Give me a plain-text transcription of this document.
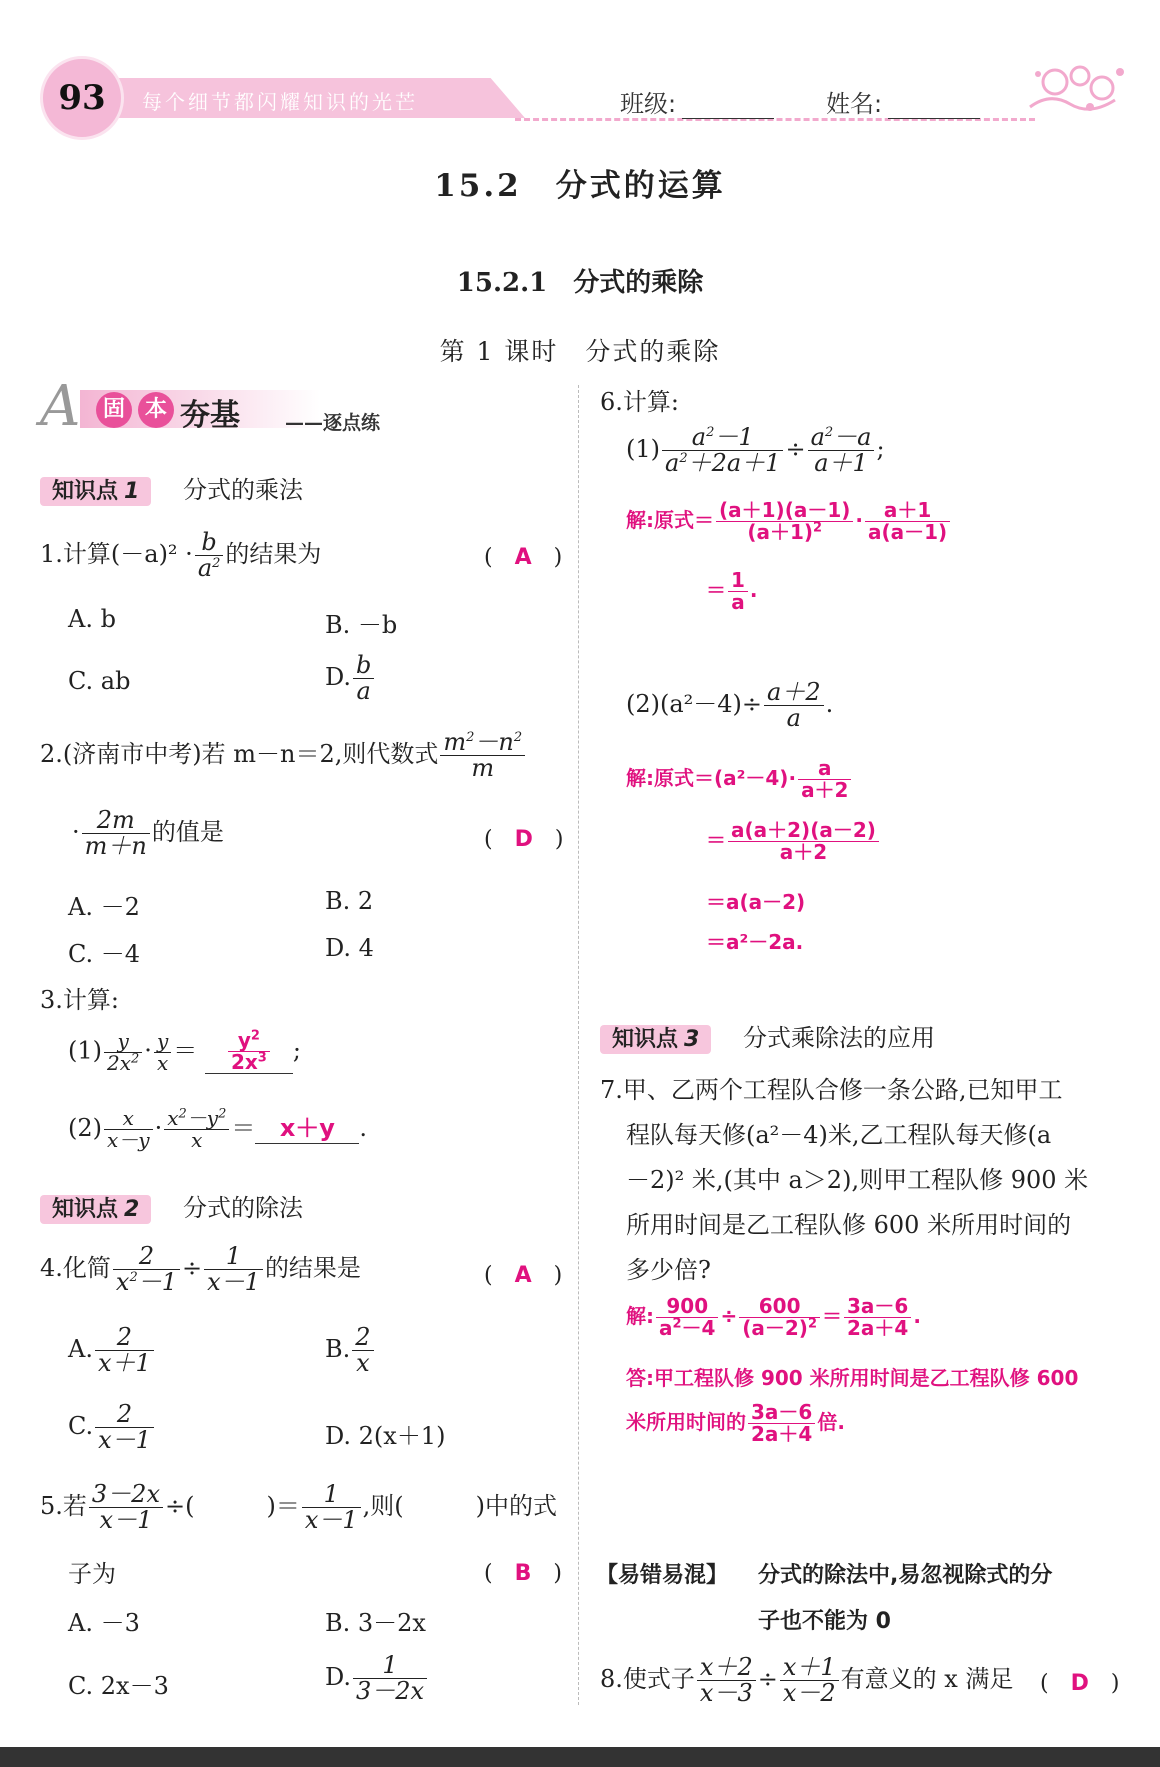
93 每个细节都闪耀知识的光芒	班级:	姓名:
15.2　分式的运算
15.2.1　分式的乘除
第 1 课时　分式的乘除
A	固 本 夯基 ——逐点练
知识点 1 分式的乘法
1.计算$(-a)^2 \cdot \frac{b}{a^2}$ 的结果为	(　A　)
A. b	B. －b
C. ab	D. $\frac{b}{a}$
2.(济南市中考)若 m－n＝2,则代数式 $\frac{m^2-n^2}{m}$
· $\frac{2m}{m+n}$ 的值是	(　D　)
A. －2	B. 2
C. －4	D. 4
3.计算:
$(1) \frac{y}{2x^2} \cdot \frac{y}{x} = \frac{y^2}{2x^3}$ ;
$(2) \frac{x}{x-y} \cdot \frac{x^2-y^2}{x} = x+y$ .
知识点 2 分式的除法
4.化简 $\frac{2}{x^2-1} \div \frac{1}{x-1}$ 的结果是	(　A　)
A. $\frac{2}{x+1}$	B. $\frac{2}{x}$
C. $\frac{2}{x-1}$	D. 2(x＋1)
5.若 $\frac{3-2x}{x-1}$ ÷(　　　)＝ $\frac{1}{x-1}$ ,则(　　　)中的式
子为	(　B　)
A. －3	B. 3－2x
C. 2x－3	D. $\frac{1}{3-2x}$
6.计算:
$(1) \frac{a^2-1}{a^2+2a+1} \div \frac{a^2-a}{a+1}$ ;
解:原式＝ $\frac{(a+1)(a-1)}{(a+1)^2} \cdot \frac{a+1}{a(a-1)}$
＝ $\frac{1}{a}$ .
$(2)(a^2-4)\div \frac{a+2}{a}$ .
解:原式$=(a^2-4)\cdot \frac{a}{a+2}$
＝ $\frac{a(a+2)(a-2)}{a+2}$
＝a(a－2)
＝a²－2a.
知识点 3 分式乘除法的应用
7.甲、乙两个工程队合修一条公路,已知甲工
程队每天修(a²－4)米,乙工程队每天修(a
－2)² 米,(其中 a＞2),则甲工程队修 900 米
所用时间是乙工程队修 600 米所用时间的
多少倍?
解: $\frac{900}{a^2-4} \div \frac{600}{(a-2)^2} = \frac{3a-6}{2a+4}$ .
答:甲工程队修 900 米所用时间是乙工程队修 600
米所用时间的 $\frac{3a-6}{2a+4}$ 倍.
【易错易混】 分式的除法中,易忽视除式的分
子也不能为 0
8.使式子 $\frac{x+2}{x-3} \div \frac{x+1}{x-2}$ 有意义的 x 满足 (　D　)
